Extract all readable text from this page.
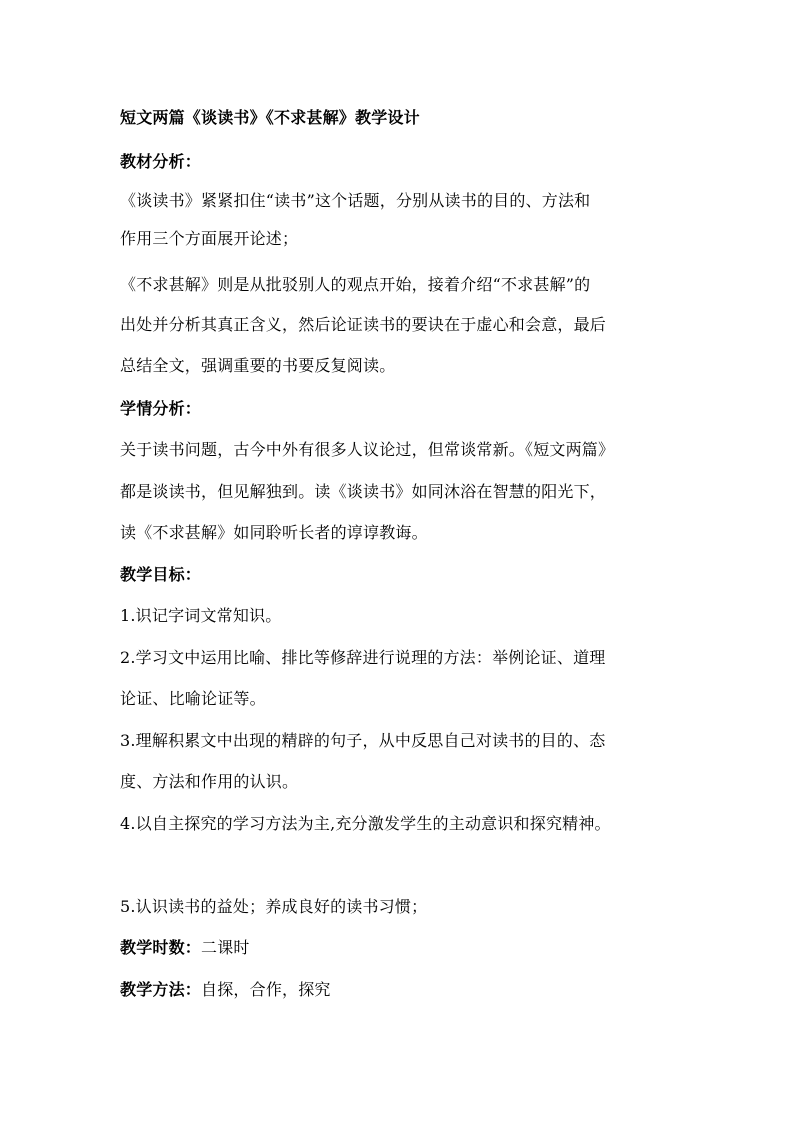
短文两篇《谈读书》《不求甚解》教学设计
教材分析：
《谈读书》紧紧扣住“读书”这个话题，分别从读书的目的、方法和
作用三个方面展开论述；
《不求甚解》则是从批驳别人的观点开始，接着介绍“不求甚解”的
出处并分析其真正含义，然后论证读书的要诀在于虚心和会意，最后
总结全文，强调重要的书要反复阅读。
学情分析：
关于读书问题，古今中外有很多人议论过，但常谈常新。《短文两篇》
都是谈读书，但见解独到。读《谈读书》如同沐浴在智慧的阳光下，
读《不求甚解》如同聆听长者的谆谆教诲。
教学目标：
1.识记字词文常知识。
2.学习文中运用比喻、排比等修辞进行说理的方法：举例论证、道理
论证、比喻论证等。
3.理解积累文中出现的精辟的句子，从中反思自己对读书的目的、态
度、方法和作用的认识。
4.以自主探究的学习方法为主,充分激发学生的主动意识和探究精神。
5.认识读书的益处；养成良好的读书习惯；
教学时数：二课时
教学方法：自探，合作，探究
